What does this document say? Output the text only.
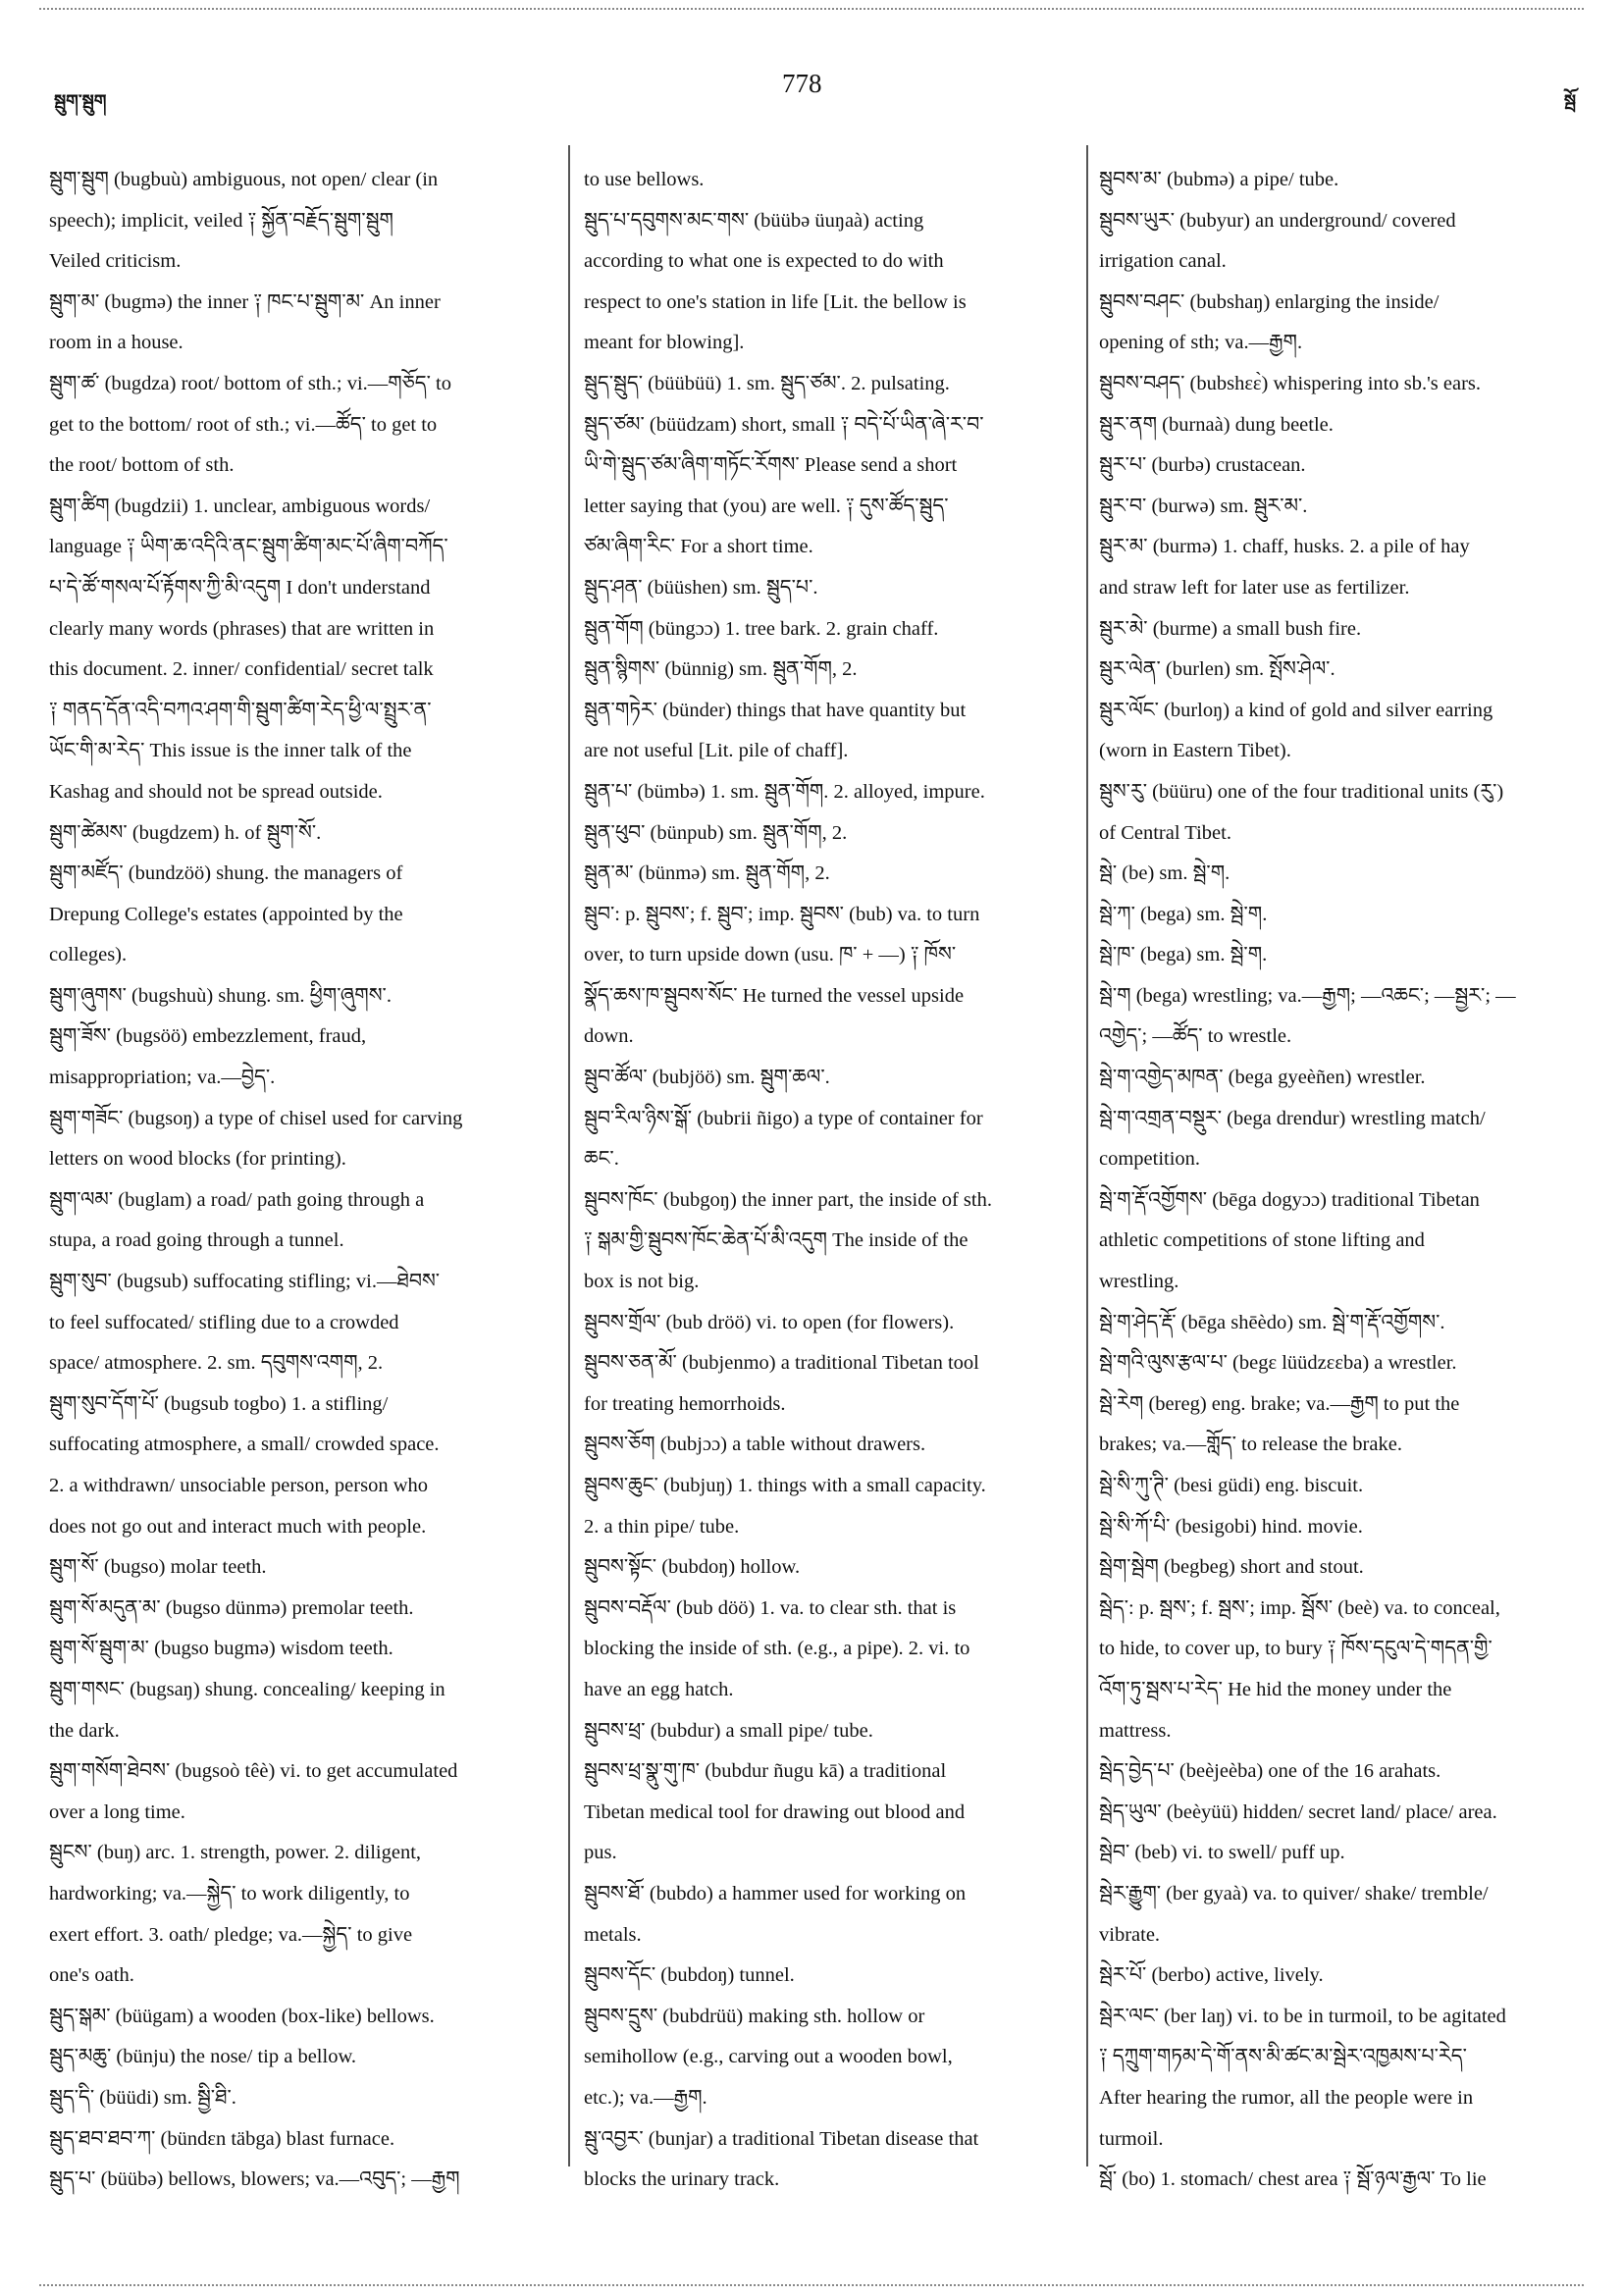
སྦུག་སྦུག
778
སྦོ

སྦུག་སྦུག (bugbuù) ambiguous, not open/ clear (in
speech); implicit, veiled ༑ སྐྱོན་བརྗོད་སྦུག་སྦུག
Veiled criticism.

སྦུག་མ་ (bugmə) the inner ༑ ཁང་པ་སྦུག་མ་ An inner
room in a house.

སྦུག་ཚ་ (bugdza) root/ bottom of sth.; vi.—གཅོད་ to
get to the bottom/ root of sth.; vi.—ཚོད་ to get to
the root/ bottom of sth.

སྦུག་ཚིག (bugdzii) 1. unclear, ambiguous words/
language ༑ ཡིག་ཆ་འདིའི་ནང་སྦུག་ཚིག་མང་པོ་ཞིག་བཀོད་
པ་དེ་ཚོ་གསལ་པོ་རྟོགས་ཀྱི་མི་འདུག I don't understand
clearly many words (phrases) that are written in
this document. 2. inner/ confidential/ secret talk
༑ གནད་དོན་འདི་བཀའ་ཤག་གི་སྦུག་ཚིག་རེད་ཕྱི་ལ་སྤྲུར་ན་
ཡོང་གི་མ་རེད་ This issue is the inner talk of the
Kashag and should not be spread outside.

སྦུག་ཚེམས་ (bugdzem) h. of སྦུག་སོ་.

སྦུག་མཛོད་ (bundzöö) shung. the managers of
Drepung College's estates (appointed by the
colleges).

སྦུག་ཞུགས་ (bugshuù) shung. sm. ཕྱིག་ཞུགས་.

སྦུག་ཟོས་ (bugsöö) embezzlement, fraud,
misappropriation; va.—བྱེད་.

སྦུག་གཟོང་ (bugsoŋ) a type of chisel used for carving
letters on wood blocks (for printing).

སྦུག་ལམ་ (buglam) a road/ path going through a
stupa, a road going through a tunnel.

སྦུག་སུབ་ (bugsub) suffocating stifling; vi.—ཐེབས་
to feel suffocated/ stifling due to a crowded
space/ atmosphere. 2. sm. དབུགས་འགག, 2.

སྦུག་སུབ་དོག་པོ་ (bugsub togbo) 1. a stifling/
suffocating atmosphere, a small/ crowded space.
2. a withdrawn/ unsociable person, person who
does not go out and interact much with people.

སྦུག་སོ་ (bugso) molar teeth.

སྦུག་སོ་མདུན་མ་ (bugso dünmə) premolar teeth.

སྦུག་སོ་སྦུག་མ་ (bugso bugmə) wisdom teeth.

སྦུག་གསང་ (bugsaŋ) shung. concealing/ keeping in
the dark.

སྦུག་གསོག་ཐེབས་ (bugsoò têè) vi. to get accumulated
over a long time.

སྦུངས་ (buŋ) arc. 1. strength, power. 2. diligent,
hardworking; va.—སྐྱེད་ to work diligently, to
exert effort. 3. oath/ pledge; va.—སྐྱེད་ to give
one's oath.

སྦུད་སྒམ་ (büügam) a wooden (box-like) bellows.

སྦུད་མཆུ་ (bünju) the nose/ tip a bellow.

སྦུད་དི་ (büüdi) sm. སྦྱི་ཐི་.

སྦུད་ཐབ་ཐབ་ཀ་ (bündɛn täbga) blast furnace.

སྦུད་པ་ (büübə) bellows, blowers; va.—འབུད་; —རྒྱག

to use bellows.

སྦུད་པ་དབུགས་མང་གས་ (büübə üuŋaà) acting
according to what one is expected to do with
respect to one's station in life [Lit. the bellow is
meant for blowing].

སྦུད་སྦུད་ (büübüü) 1. sm. སྦུད་ཙམ་. 2. pulsating.

སྦུད་ཙམ་ (büüdzam) short, small ༑ བདེ་པོ་ཡིན་ཞེ་ར་བ་
ཡི་གེ་སྦུད་ཙམ་ཞིག་གཏོང་རོགས་ Please send a short
letter saying that (you) are well. ༑ དུས་ཚོད་སྦུད་
ཙམ་ཞིག་རིང་ For a short time.

སྦུད་ཤན་ (büüshen) sm. སྦུད་པ་.

སྦུན་གོག (büngɔɔ) 1. tree bark. 2. grain chaff.

སྦུན་སྙིགས་ (bünnig) sm. སྦུན་གོག, 2.

སྦུན་གཏེར་ (bünder) things that have quantity but
are not useful [Lit. pile of chaff].

སྦུན་པ་ (bümbə) 1. sm. སྦུན་གོག. 2. alloyed, impure.

སྦུན་ཕུབ་ (bünpub) sm. སྦུན་གོག, 2.

སྦུན་མ་ (bünmə) sm. སྦུན་གོག, 2.

སྦུབ་: p. སྦུབས་; f. སྦུབ་; imp. སྦུབས་ (bub) va. to turn
over, to turn upside down (usu. ཁ་ + —) ༑ ཁོས་
སྣོད་ཆས་ཁ་སྦུབས་སོང་ He turned the vessel upside
down.

སྦུབ་ཚོལ་ (bubjöö) sm. སྦུག་ཆལ་.

སྦུབ་རིལ་ཉིས་སྒོ་ (bubrii ñigo) a type of container for
ཆང་.

སྦུབས་ཁོང་ (bubgoŋ) the inner part, the inside of sth.
༑ སྒམ་གྱི་སྦུབས་ཁོང་ཆེན་པོ་མི་འདུག The inside of the
box is not big.

སྦུབས་གྲོལ་ (bub dröö) vi. to open (for flowers).

སྦུབས་ཅན་མོ་ (bubjenmo) a traditional Tibetan tool
for treating hemorrhoids.

སྦུབས་ཅོག (bubjɔɔ) a table without drawers.

སྦུབས་ཆུང་ (bubjuŋ) 1. things with a small capacity.
2. a thin pipe/ tube.

སྦུབས་སྟོང་ (bubdoŋ) hollow.

སྦུབས་བརྡོལ་ (bub döö) 1. va. to clear sth. that is
blocking the inside of sth. (e.g., a pipe). 2. vi. to
have an egg hatch.

སྦུབས་ཕྲ་ (bubdur) a small pipe/ tube.

སྦུབས་ཕྲ་སྣུ་གུ་ཁ་ (bubdur ñugu kā) a traditional
Tibetan medical tool for drawing out blood and
pus.

སྦུབས་ཐོ་ (bubdo) a hammer used for working on
metals.

སྦུབས་དོང་ (bubdoŋ) tunnel.

སྦུབས་དྲུས་ (bubdrüü) making sth. hollow or
semihollow (e.g., carving out a wooden bowl,
etc.); va.—རྒྱག.

སྦུ་འབྱར་ (bunjar) a traditional Tibetan disease that
blocks the urinary track.

སྦུབས་མ་ (bubmə) a pipe/ tube.

སྦུབས་ཡུར་ (bubyur) an underground/ covered
irrigation canal.

སྦུབས་བཤང་ (bubshaŋ) enlarging the inside/
opening of sth; va.—རྒྱག.

སྦུབས་བཤད་ (bubshɛɛ̀) whispering into sb.'s ears.

སྦུར་ནག (burnaà) dung beetle.

སྦུར་པ་ (burbə) crustacean.

སྦུར་བ་ (burwə) sm. སྦུར་མ་.

སྦུར་མ་ (burmə) 1. chaff, husks. 2. a pile of hay
and straw left for later use as fertilizer.

སྦུར་མེ་ (burme) a small bush fire.

སྦུར་ལེན་ (burlen) sm. སྤོས་ཤེལ་.

སྦུར་ལོང་ (burloŋ) a kind of gold and silver earring
(worn in Eastern Tibet).

སྦུས་རུ་ (büüru) one of the four traditional units (རུ་)
of Central Tibet.

སྦེ་ (be) sm. སྦེ་ག.

སྦེ་ཀ་ (bega) sm. སྦེ་ག.

སྦེ་ཁ་ (bega) sm. སྦེ་ག.

སྦེ་ག (bega) wrestling; va.—རྒྱག; —འཆང་; —སྦྱར་; —
འགྱེད་; —ཚོད་ to wrestle.

སྦེ་ག་འགྱེད་མཁན་ (bega gyeèñen) wrestler.

སྦེ་ག་འགྲན་བསྡུར་ (bega drendur) wrestling match/
competition.

སྦེ་ག་རྡོ་འགྱོགས་ (bēga dogyɔɔ) traditional Tibetan
athletic competitions of stone lifting and
wrestling.

སྦེ་ག་ཤེད་རྡོ་ (bēga shēèdo) sm. སྦེ་ག་རྡོ་འགྱོགས་.

སྦེ་གའི་ལུས་རྩལ་པ་ (begɛ lüüdzɛɛba) a wrestler.

སྦེ་རེག (bereg) eng. brake; va.—རྒྱག to put the
brakes; va.—གློད་ to release the brake.

སྦེ་སི་ཀུ་ཊི་ (besi güdi) eng. biscuit.

སྦེ་སི་ཀོ་པི་ (besigobi) hind. movie.

སྦེག་སྦེག (begbeg) short and stout.

སྦེད་: p. སྦས་; f. སྦས་; imp. སྦོས་ (beè) va. to conceal,
to hide, to cover up, to bury ༑ ཁོས་དངུལ་དེ་གདན་གྱི་
འོག་ཏུ་སྦས་པ་རེད་ He hid the money under the
mattress.

སྦེད་བྱེད་པ་ (beèjeèba) one of the 16 arahats.

སྦེད་ཡུལ་ (beèyüü) hidden/ secret land/ place/ area.

སྦེབ་ (beb) vi. to swell/ puff up.

སྦེར་རྒྱུག་ (ber gyaà) va. to quiver/ shake/ tremble/
vibrate.

སྦེར་པོ་ (berbo) active, lively.

སྦེར་ལང་ (ber laŋ) vi. to be in turmoil, to be agitated
༑ དཀྲུག་གཏམ་དེ་གོ་ནས་མི་ཚང་མ་སྦེར་འཁྱམས་པ་རེད་
After hearing the rumor, all the people were in
turmoil.

སྦོ་ (bo) 1. stomach/ chest area ༑ སྦོ་ཉལ་རྒྱལ་ To lie
